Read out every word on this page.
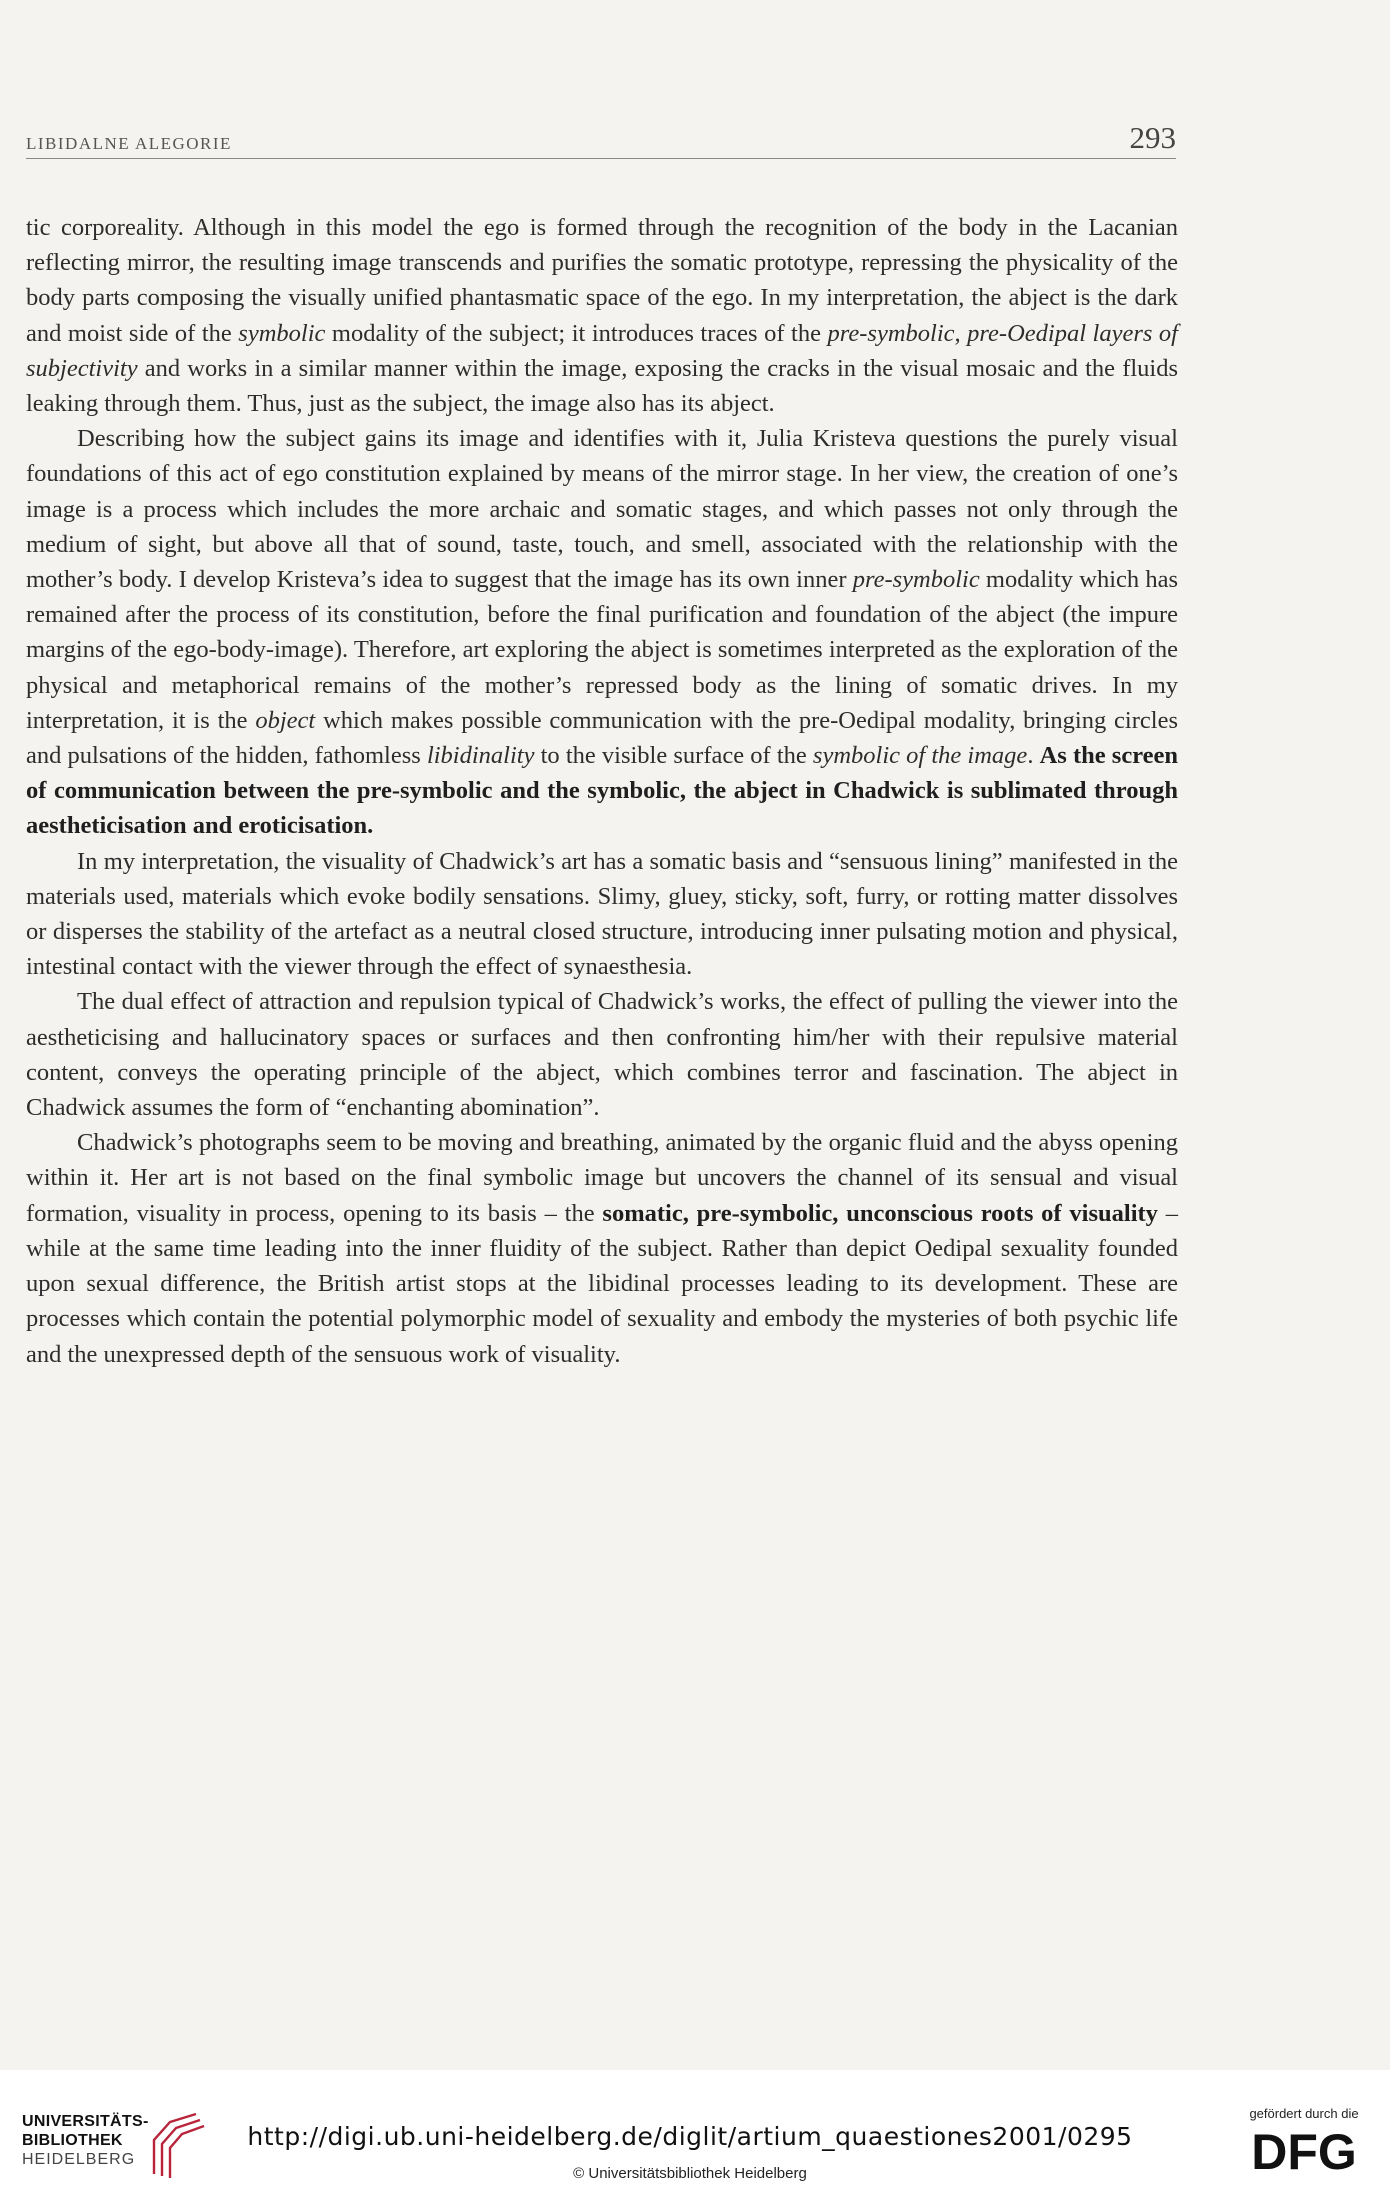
LIBIDALNE ALEGORIE	293

tic corporeality. Although in this model the ego is formed through the recognition of the body in the Lacanian reflecting mirror, the resulting image transcends and purifies the somatic prototype, repressing the physicality of the body parts composing the visually unified phantasmatic space of the ego. In my interpretation, the abject is the dark and moist side of the symbolic modality of the subject; it introduces traces of the pre-symbolic, pre-Oedipal layers of subjectivity and works in a similar manner within the image, exposing the cracks in the visual mosaic and the fluids leaking through them. Thus, just as the subject, the image also has its abject.

Describing how the subject gains its image and identifies with it, Julia Kristeva questions the purely visual foundations of this act of ego constitution explained by means of the mirror stage. In her view, the creation of one’s image is a process which includes the more archaic and somatic stages, and which passes not only through the medium of sight, but above all that of sound, taste, touch, and smell, associated with the relationship with the mother’s body. I develop Kristeva’s idea to suggest that the image has its own inner pre-symbolic modality which has remained after the process of its constitution, before the final purification and foundation of the abject (the impure margins of the ego-body-image). Therefore, art exploring the abject is sometimes interpreted as the exploration of the physical and metaphorical remains of the mother’s repressed body as the lining of somatic drives. In my interpretation, it is the object which makes possible communication with the pre-Oedipal modality, bringing circles and pulsations of the hidden, fathomless libidinality to the visible surface of the symbolic of the image. As the screen of communication between the pre-symbolic and the symbolic, the abject in Chadwick is sublimated through aestheticisation and eroticisation.

In my interpretation, the visuality of Chadwick’s art has a somatic basis and “sensuous lining” manifested in the materials used, materials which evoke bodily sensations. Slimy, gluey, sticky, soft, furry, or rotting matter dissolves or disperses the stability of the artefact as a neutral closed structure, introducing inner pulsating motion and physical, intestinal contact with the viewer through the effect of synaesthesia.

The dual effect of attraction and repulsion typical of Chadwick’s works, the effect of pulling the viewer into the aestheticising and hallucinatory spaces or surfaces and then confronting him/her with their repulsive material content, conveys the operating principle of the abject, which combines terror and fascination. The abject in Chadwick assumes the form of “enchanting abomination”.

Chadwick’s photographs seem to be moving and breathing, animated by the organic fluid and the abyss opening within it. Her art is not based on the final symbolic image but uncovers the channel of its sensual and visual formation, visuality in process, opening to its basis – the somatic, pre-symbolic, unconscious roots of visuality – while at the same time leading into the inner fluidity of the subject. Rather than depict Oedipal sexuality founded upon sexual difference, the British artist stops at the libidinal processes leading to its development. These are processes which contain the potential polymorphic model of sexuality and embody the mysteries of both psychic life and the unexpressed depth of the sensuous work of visuality.

UNIVERSITÄTS-
BIBLIOTHEK
HEIDELBERG
http://digi.ub.uni-heidelberg.de/diglit/artium_quaestiones2001/0295
© Universitätsbibliothek Heidelberg
gefördert durch die
DFG
